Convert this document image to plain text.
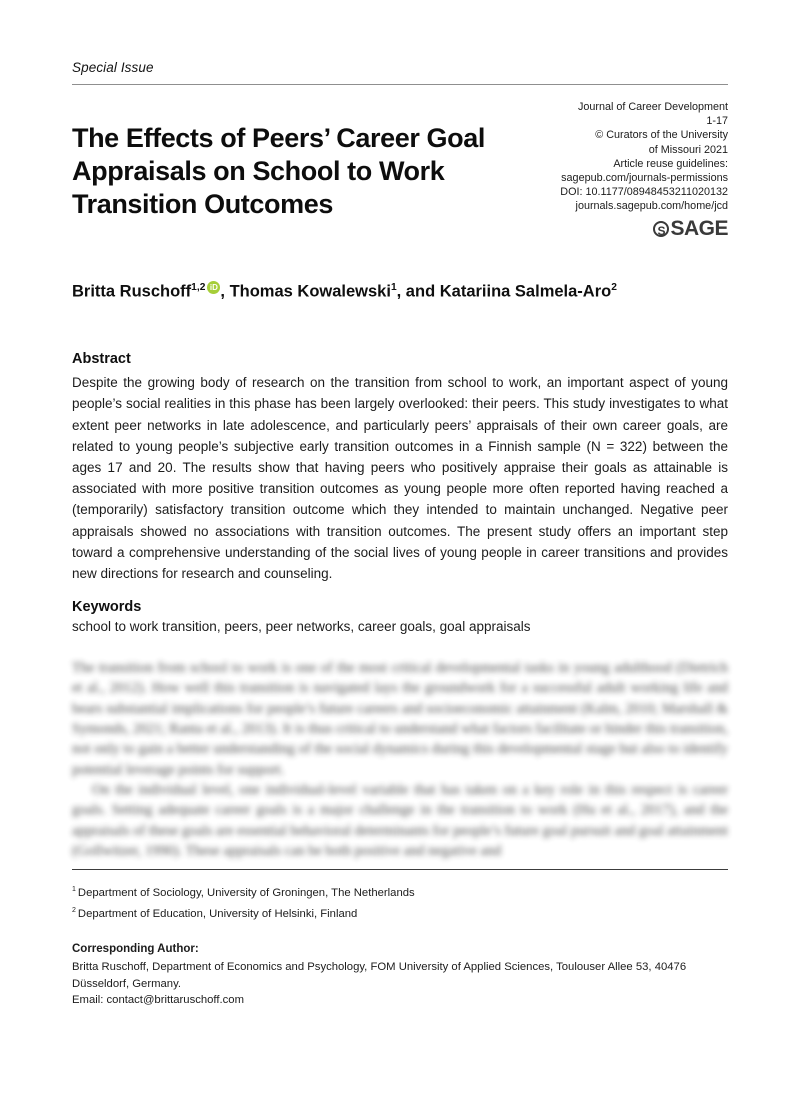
Special Issue
The Effects of Peers’ Career Goal
Appraisals on School to Work
Transition Outcomes
Journal of Career Development
1-17
© Curators of the University
of Missouri 2021
Article reuse guidelines:
sagepub.com/journals-permissions
DOI: 10.1177/08948453211020132
journals.sagepub.com/home/jcd
S SAGE
Britta Ruschoff$^{1,2}$ iD , Thomas Kowalewski$^1$, and Katariina Salmela-Aro$^2$
Abstract
Despite the growing body of research on the transition from school to work, an important aspect of young people’s social realities in this phase has been largely overlooked: their peers. This study investigates to what extent peer networks in late adolescence, and particularly peers’ appraisals of their own career goals, are related to young people’s subjective early transition outcomes in a Finnish sample (N = 322) between the ages 17 and 20. The results show that having peers who positively appraise their goals as attainable is associated with more positive transition outcomes as young people more often reported having reached a (temporarily) satisfactory transition outcome which they intended to maintain unchanged. Negative peer appraisals showed no associations with transition outcomes. The present study offers an important step toward a comprehensive understanding of the social lives of young people in career transitions and provides new directions for research and counseling.
Keywords
school to work transition, peers, peer networks, career goals, goal appraisals

The transition from school to work is one of the most critical developmental tasks in young adulthood (Dietrich et al., 2012). How well this transition is navigated lays the groundwork for a successful adult working life and bears substantial implications for people’s future careers and socioeconomic attainment (Kalm, 2010; Marshall & Symonds, 2021; Ranta et al., 2013). It is thus critical to understand what factors facilitate or hinder this transition, not only to gain a better understanding of the social dynamics during this developmental stage but also to identify potential leverage points for support.

On the individual level, one individual-level variable that has taken on a key role in this respect is career goals. Setting adequate career goals is a major challenge in the transition to work (Hu et al., 2017), and the appraisals of these goals are essential behavioral determinants for people’s future goal pursuit and goal attainment (Gollwitzer, 1990). These appraisals can be both positive and negative and

$^1$ Department of Sociology, University of Groningen, The Netherlands
$^2$ Department of Education, University of Helsinki, Finland
Corresponding Author:
Britta Ruschoff, Department of Economics and Psychology, FOM University of Applied Sciences, Toulouser Allee 53, 40476 Düsseldorf, Germany.
Email: contact@brittaruschoff.com
